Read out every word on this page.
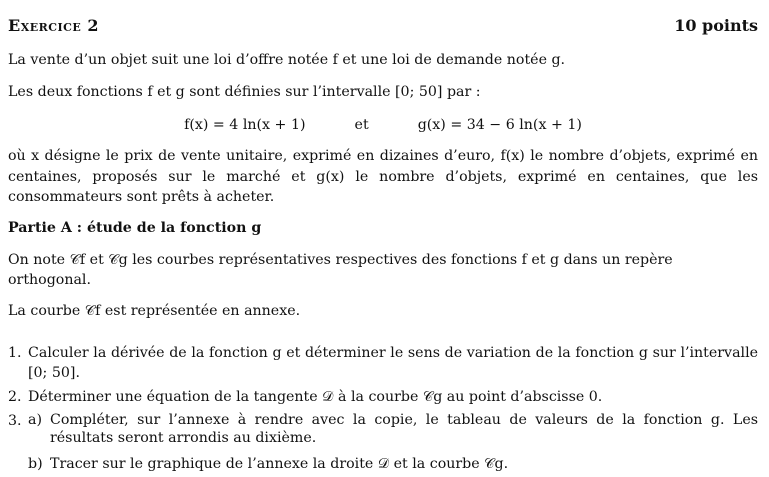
Exercice 2	10 points

La vente d’un objet suit une loi d’offre notée f et une loi de demande notée g.

Les deux fonctions f et g sont définies sur l’intervalle [0; 50] par :

f(x) = 4 ln(x + 1)	et	g(x) = 34 − 6 ln(x + 1)

où x désigne le prix de vente unitaire, exprimé en dizaines d’euro, f(x) le nombre d’objets, exprimé en centaines, proposés sur le marché et g(x) le nombre d’objets, exprimé en centaines, que les consommateurs sont prêts à acheter.

Partie A : étude de la fonction g

On note 𝒞f et 𝒞g les courbes représentatives respectives des fonctions f et g dans un repère orthogonal.

La courbe 𝒞f est représentée en annexe.

1. Calculer la dérivée de la fonction g et déterminer le sens de variation de la fonction g sur l’intervalle [0; 50].
2. Déterminer une équation de la tangente 𝒟 à la courbe 𝒞g au point d’abscisse 0.
3. a) Compléter, sur l’annexe à rendre avec la copie, le tableau de valeurs de la fonction g. Les résultats seront arrondis au dixième.
b) Tracer sur le graphique de l’annexe la droite 𝒟 et la courbe 𝒞g.
